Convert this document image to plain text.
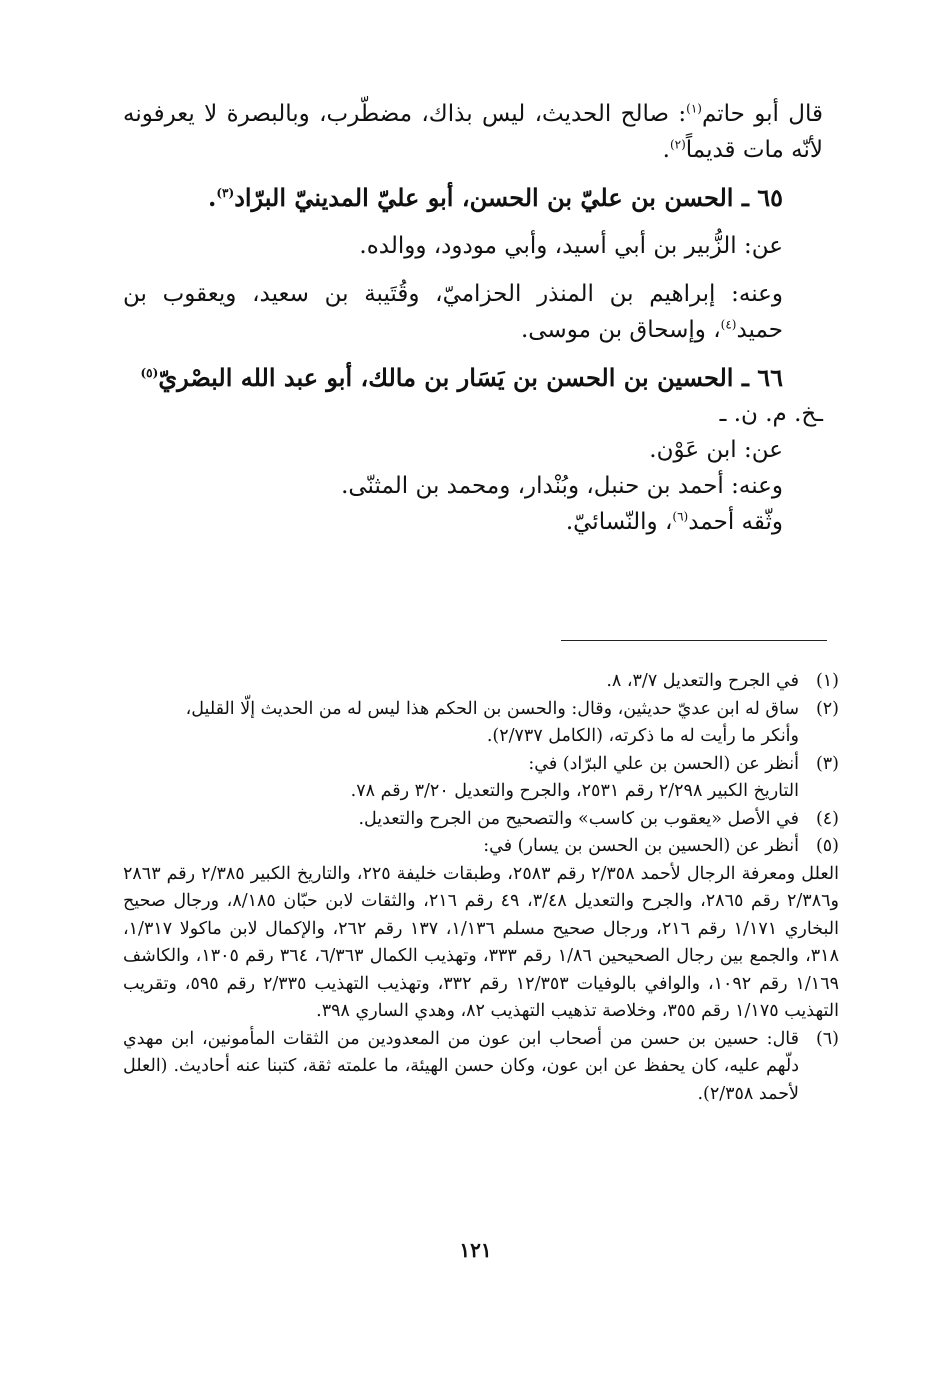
قال أبو حاتم$^{(١)}$: صالح الحديث، ليس بذاك، مضطّرب، وبالبصرة لا يعرفونه لأنّه مات قديماً$^{(٢)}$.

٦٥ ـ الحسن بن عليّ بن الحسن، أبو عليّ المدينيّ البرّاد$^{(٣)}$.

عن: الزُّبير بن أبي أسيد، وأبي مودود، ووالده.

وعنه: إبراهيم بن المنذر الحزاميّ، وقُتَيبة بن سعيد، ويعقوب بن حميد$^{(٤)}$، وإسحاق بن موسى.

٦٦ ـ الحسين بن الحسن بن يَسَار بن مالك، أبو عبد الله البصْريّ$^{(٥)}$

ـخ. م. ن. ـ

عن: ابن عَوْن.

وعنه: أحمد بن حنبل، وبُنْدار، ومحمد بن المثنّى.

وثّقه أحمد$^{(٦)}$، والنّسائيّ.

(١)
في الجرح والتعديل ٣/٧، ٨.
(٢)
ساق له ابن عديّ حديثين، وقال: والحسن بن الحكم هذا ليس له من الحديث إلّا القليل،
وأنكر ما رأيت له ما ذكرته، (الكامل ٢/٧٣٧).
(٣)
أنظر عن (الحسن بن علي البرّاد) في:
التاريخ الكبير ٢/٢٩٨ رقم ٢٥٣١، والجرح والتعديل ٣/٢٠ رقم ٧٨.
(٤)
في الأصل «يعقوب بن كاسب» والتصحيح من الجرح والتعديل.
(٥)
أنظر عن (الحسين بن الحسن بن يسار) في:
العلل ومعرفة الرجال لأحمد ٢/٣٥٨ رقم ٢٥٨٣، وطبقات خليفة ٢٢٥، والتاريخ الكبير ٢/٣٨٥ رقم ٢٨٦٣ و٢/٣٨٦ رقم ٢٨٦٥، والجرح والتعديل ٣/٤٨، ٤٩ رقم ٢١٦، والثقات لابن حبّان ٨/١٨٥، ورجال صحيح البخاري ١/١٧١ رقم ٢١٦، ورجال صحيح مسلم ١/١٣٦، ١٣٧ رقم ٢٦٢، والإكمال لابن ماكولا ١/٣١٧، ٣١٨، والجمع بين رجال الصحيحين ١/٨٦ رقم ٣٣٣، وتهذيب الكمال ٦/٣٦٣، ٣٦٤ رقم ١٣٠٥، والكاشف ١/١٦٩ رقم ١٠٩٢، والوافي بالوفيات ١٢/٣٥٣ رقم ٣٣٢، وتهذيب التهذيب ٢/٣٣٥ رقم ٥٩٥، وتقريب التهذيب ١/١٧٥ رقم ٣٥٥، وخلاصة تذهيب التهذيب ٨٢، وهدي الساري ٣٩٨.
(٦)
قال: حسين بن حسن من أصحاب ابن عون من المعدودين من الثقات المأمونين، ابن مهدي دلّهم عليه، كان يحفظ عن ابن عون، وكان حسن الهيئة، ما علمته ثقة، كتبنا عنه أحاديث. (العلل لأحمد ٢/٣٥٨).
١٢١
